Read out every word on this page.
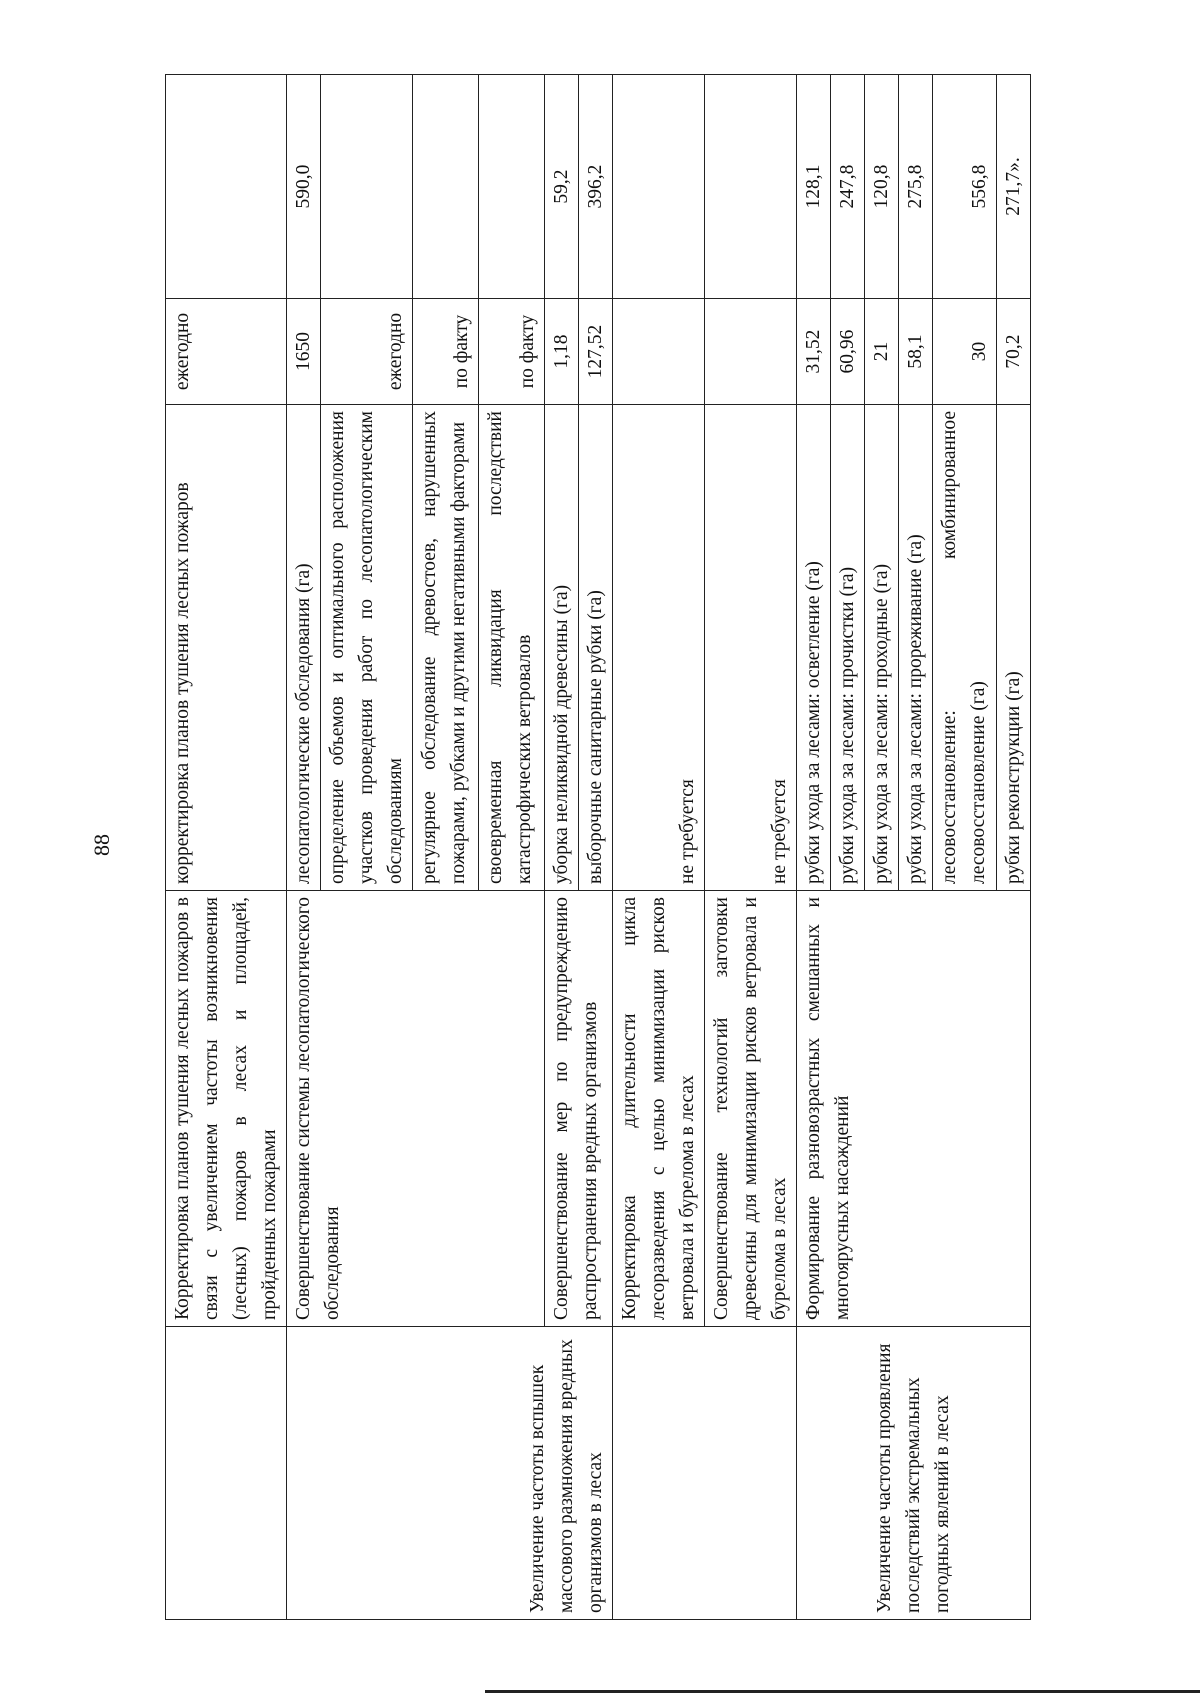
88
	Корректировка планов тушения лесных пожаров в связи с увеличением частоты возникновения (лесных) пожаров в лесах и площадей, пройденных пожарами	корректировка планов тушения лесных пожаров	ежегодно	
Увеличение частоты вспышек массового размножения вредных организмов в лесах	Совершенствование системы лесопатологического обследования	лесопатологические обследования (га)	1650	590,0
		определение объемов и оптимального расположения участков проведения работ по лесопатологическим обследованиям	ежегодно	
		регулярное обследование древостоев, нарушенных пожарами, рубками и другими негативными факторами	по факту	
		своевременная ликвидация последствий катастрофических ветровалов	по факту	
	Совершенствование мер по предупреждению распространения вредных организмов	уборка неликвидной древесины (га)	1,18	59,2
		выборочные санитарные рубки (га)	127,52	396,2
	Корректировка длительности цикла лесоразведения с целью минимизации рисков ветровала и бурелома в лесах	не требуется		
	Совершенствование технологий заготовки древесины для минимизации рисков ветровала и бурелома в лесах	не требуется		
Увеличение частоты проявления последствий экстремальных погодных явлений в лесах	Формирование разновозрастных смешанных и многоярусных насаждений	рубки ухода за лесами: осветление (га)	31,52	128,1
		рубки ухода за лесами: прочистки (га)	60,96	247,8
		рубки ухода за лесами: проходные (га)	21	120,8
		рубки ухода за лесами: прореживание (га)	58,1	275,8
		лесовосстановление: комбинированное лесовосстановление (га)	30	556,8
		рубки реконструкции (га)	70,2	271,7».
